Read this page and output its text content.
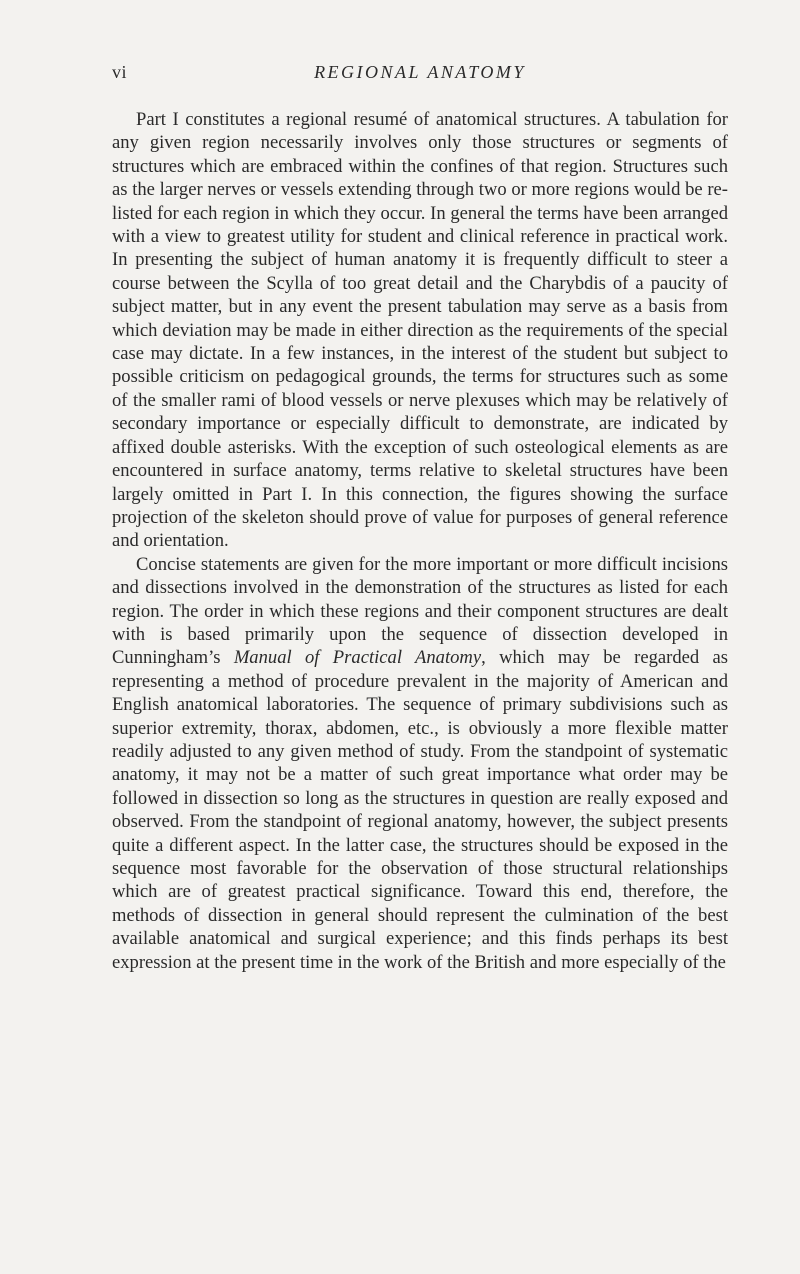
vi	REGIONAL ANATOMY

Part I constitutes a regional resumé of anatomical structures. A tabulation for any given region necessarily involves only those structures or segments of structures which are embraced within the confines of that region. Structures such as the larger nerves or vessels extending through two or more regions would be re-listed for each region in which they occur. In general the terms have been arranged with a view to greatest utility for student and clinical reference in practical work. In presenting the subject of human anatomy it is frequently difficult to steer a course between the Scylla of too great detail and the Charybdis of a paucity of subject matter, but in any event the present tabulation may serve as a basis from which deviation may be made in either direction as the requirements of the special case may dictate. In a few instances, in the interest of the student but subject to possible criticism on pedagogical grounds, the terms for structures such as some of the smaller rami of blood vessels or nerve plexuses which may be relatively of secondary importance or especially difficult to demonstrate, are indicated by affixed double asterisks. With the exception of such osteological elements as are encountered in surface anatomy, terms relative to skeletal structures have been largely omitted in Part I. In this connection, the figures showing the surface projection of the skeleton should prove of value for purposes of general reference and orientation.

Concise statements are given for the more important or more difficult incisions and dissections involved in the demonstration of the structures as listed for each region. The order in which these regions and their component structures are dealt with is based primarily upon the sequence of dissection developed in Cunningham’s Manual of Practical Anatomy, which may be regarded as representing a method of procedure prevalent in the majority of American and English anatomical laboratories. The sequence of primary subdivisions such as superior extremity, thorax, abdomen, etc., is obviously a more flexible matter readily adjusted to any given method of study. From the standpoint of systematic anatomy, it may not be a matter of such great importance what order may be followed in dissection so long as the structures in question are really exposed and observed. From the standpoint of regional anatomy, however, the subject presents quite a different aspect. In the latter case, the structures should be exposed in the sequence most favorable for the observation of those structural relationships which are of greatest practical significance. Toward this end, therefore, the methods of dissection in general should represent the culmination of the best available anatomical and surgical experience; and this finds perhaps its best expression at the present time in the work of the British and more especially of the
